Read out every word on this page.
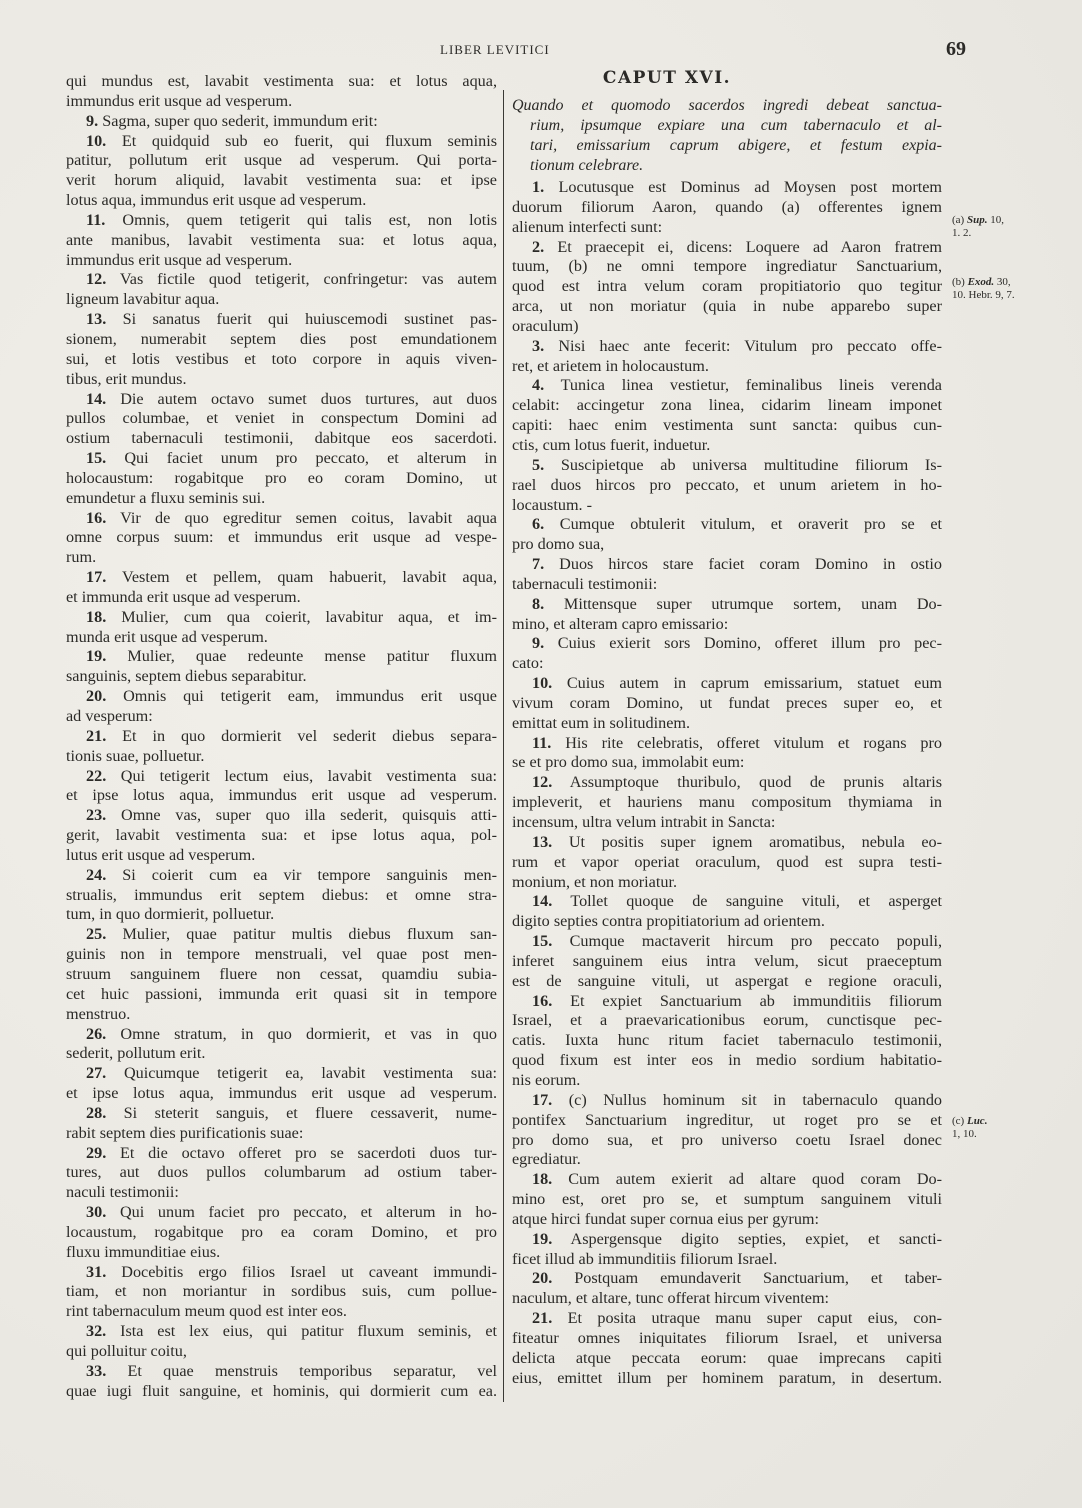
LIBER LEVITICI	69
qui mundus est, lavabit vestimenta sua: et lotus aqua,
immundus erit usque ad vesperum.
9. Sagma, super quo sederit, immundum erit:
10. Et quidquid sub eo fuerit, qui fluxum seminis
patitur, pollutum erit usque ad vesperum. Qui porta-
verit horum aliquid, lavabit vestimenta sua: et ipse
lotus aqua, immundus erit usque ad vesperum.
11. Omnis, quem tetigerit qui talis est, non lotis
ante manibus, lavabit vestimenta sua: et lotus aqua,
immundus erit usque ad vesperum.
12. Vas fictile quod tetigerit, confringetur: vas autem
ligneum lavabitur aqua.
13. Si sanatus fuerit qui huiuscemodi sustinet pas-
sionem, numerabit septem dies post emundationem
sui, et lotis vestibus et toto corpore in aquis viven-
tibus, erit mundus.
14. Die autem octavo sumet duos turtures, aut duos
pullos columbae, et veniet in conspectum Domini ad
ostium tabernaculi testimonii, dabitque eos sacerdoti.
15. Qui faciet unum pro peccato, et alterum in
holocaustum: rogabitque pro eo coram Domino, ut
emundetur a fluxu seminis sui.
16. Vir de quo egreditur semen coitus, lavabit aqua
omne corpus suum: et immundus erit usque ad vespe-
rum.
17. Vestem et pellem, quam habuerit, lavabit aqua,
et immunda erit usque ad vesperum.
18. Mulier, cum qua coierit, lavabitur aqua, et im-
munda erit usque ad vesperum.
19. Mulier, quae redeunte mense patitur fluxum
sanguinis, septem diebus separabitur.
20. Omnis qui tetigerit eam, immundus erit usque
ad vesperum:
21. Et in quo dormierit vel sederit diebus separa-
tionis suae, polluetur.
22. Qui tetigerit lectum eius, lavabit vestimenta sua:
et ipse lotus aqua, immundus erit usque ad vesperum.
23. Omne vas, super quo illa sederit, quisquis atti-
gerit, lavabit vestimenta sua: et ipse lotus aqua, pol-
lutus erit usque ad vesperum.
24. Si coierit cum ea vir tempore sanguinis men-
strualis, immundus erit septem diebus: et omne stra-
tum, in quo dormierit, polluetur.
25. Mulier, quae patitur multis diebus fluxum san-
guinis non in tempore menstruali, vel quae post men-
struum sanguinem fluere non cessat, quamdiu subia-
cet huic passioni, immunda erit quasi sit in tempore
menstruo.
26. Omne stratum, in quo dormierit, et vas in quo
sederit, pollutum erit.
27. Quicumque tetigerit ea, lavabit vestimenta sua:
et ipse lotus aqua, immundus erit usque ad vesperum.
28. Si steterit sanguis, et fluere cessaverit, nume-
rabit septem dies purificationis suae:
29. Et die octavo offeret pro se sacerdoti duos tur-
tures, aut duos pullos columbarum ad ostium taber-
naculi testimonii:
30. Qui unum faciet pro peccato, et alterum in ho-
locaustum, rogabitque pro ea coram Domino, et pro
fluxu immunditiae eius.
31. Docebitis ergo filios Israel ut caveant immundi-
tiam, et non moriantur in sordibus suis, cum pollue-
rint tabernaculum meum quod est inter eos.
32. Ista est lex eius, qui patitur fluxum seminis, et
qui polluitur coitu,
33. Et quae menstruis temporibus separatur, vel
quae iugi fluit sanguine, et hominis, qui dormierit cum ea.
CAPUT XVI.
Quando et quomodo sacerdos ingredi debeat sanctua-
rium, ipsumque expiare una cum tabernaculo et al-
tari, emissarium caprum abigere, et festum expia-
tionum celebrare.
1. Locutusque est Dominus ad Moysen post mortem
duorum filiorum Aaron, quando (a) offerentes ignem
alienum interfecti sunt:
2. Et praecepit ei, dicens: Loquere ad Aaron fratrem
tuum, (b) ne omni tempore ingrediatur Sanctuarium,
quod est intra velum coram propitiatorio quo tegitur
arca, ut non moriatur (quia in nube apparebo super
oraculum)
3. Nisi haec ante fecerit: Vitulum pro peccato offe-
ret, et arietem in holocaustum.
4. Tunica linea vestietur, feminalibus lineis verenda
celabit: accingetur zona linea, cidarim lineam imponet
capiti: haec enim vestimenta sunt sancta: quibus cun-
ctis, cum lotus fuerit, induetur.
5. Suscipietque ab universa multitudine filiorum Is-
rael duos hircos pro peccato, et unum arietem in ho-
locaustum. -
6. Cumque obtulerit vitulum, et oraverit pro se et
pro domo sua,
7. Duos hircos stare faciet coram Domino in ostio
tabernaculi testimonii:
8. Mittensque super utrumque sortem, unam Do-
mino, et alteram capro emissario:
9. Cuius exierit sors Domino, offeret illum pro pec-
cato:
10. Cuius autem in caprum emissarium, statuet eum
vivum coram Domino, ut fundat preces super eo, et
emittat eum in solitudinem.
11. His rite celebratis, offeret vitulum et rogans pro
se et pro domo sua, immolabit eum:
12. Assumptoque thuribulo, quod de prunis altaris
impleverit, et hauriens manu compositum thymiama in
incensum, ultra velum intrabit in Sancta:
13. Ut positis super ignem aromatibus, nebula eo-
rum et vapor operiat oraculum, quod est supra testi-
monium, et non moriatur.
14. Tollet quoque de sanguine vituli, et asperget
digito septies contra propitiatorium ad orientem.
15. Cumque mactaverit hircum pro peccato populi,
inferet sanguinem eius intra velum, sicut praeceptum
est de sanguine vituli, ut aspergat e regione oraculi,
16. Et expiet Sanctuarium ab immunditiis filiorum
Israel, et a praevaricationibus eorum, cunctisque pec-
catis. Iuxta hunc ritum faciet tabernaculo testimonii,
quod fixum est inter eos in medio sordium habitatio-
nis eorum.
17. (c) Nullus hominum sit in tabernaculo quando
pontifex Sanctuarium ingreditur, ut roget pro se et
pro domo sua, et pro universo coetu Israel donec
egrediatur.
18. Cum autem exierit ad altare quod coram Do-
mino est, oret pro se, et sumptum sanguinem vituli
atque hirci fundat super cornua eius per gyrum:
19. Aspergensque digito septies, expiet, et sancti-
ficet illud ab immunditiis filiorum Israel.
20. Postquam emundaverit Sanctuarium, et taber-
naculum, et altare, tunc offerat hircum viventem:
21. Et posita utraque manu super caput eius, con-
fiteatur omnes iniquitates filiorum Israel, et universa
delicta atque peccata eorum: quae imprecans capiti
eius, emittet illum per hominem paratum, in desertum.
(a) Sup. 10,
1. 2.
(b) Exod. 30,
10. Hebr. 9, 7.
(c) Luc.
1, 10.
